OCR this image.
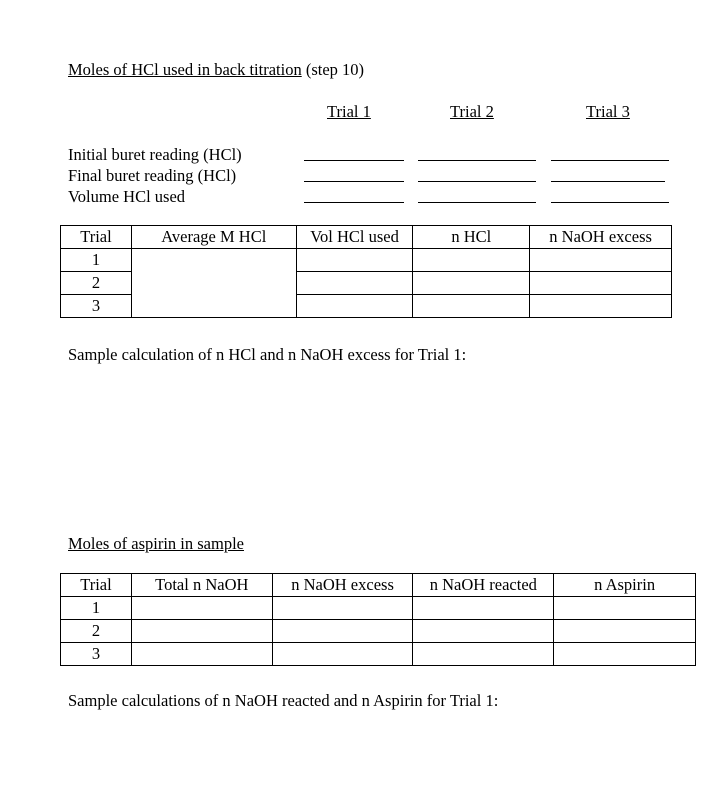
Moles of HCl used in back titration (step 10)
Trial 1	Trial 2	Trial 3
Initial buret reading (HCl)
Final buret reading (HCl)
Volume HCl used
Trial	Average M HCl	Vol HCl used	n HCl	n NaOH excess
1				
2				
3				
Sample calculation of n HCl and n NaOH excess for Trial 1:
Moles of aspirin in sample
Trial	Total n NaOH	n NaOH excess	n NaOH reacted	n Aspirin
1				
2				
3				
Sample calculations of n NaOH reacted and n Aspirin for Trial 1:
